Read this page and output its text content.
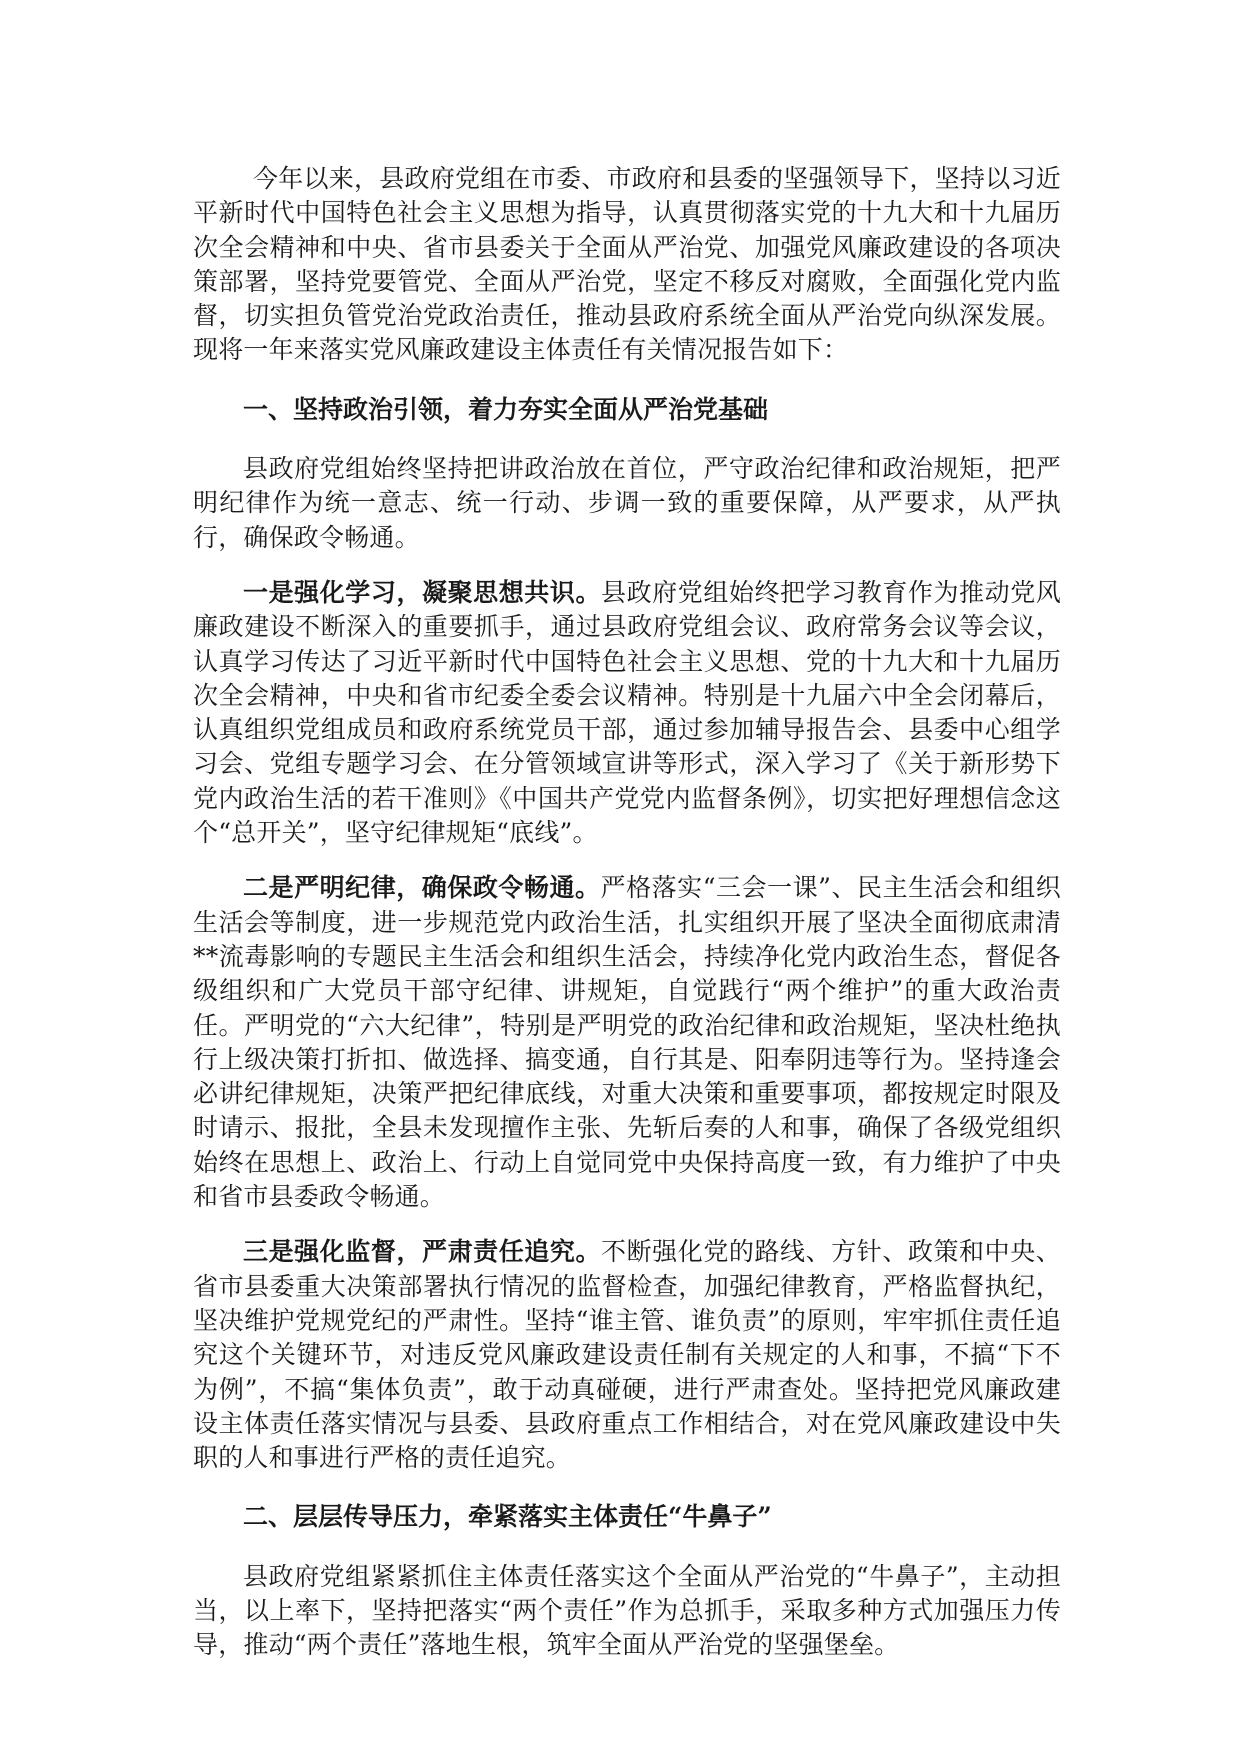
今年以来，县政府党组在市委、市政府和县委的坚强领导下，坚持以习近平新时代中国特色社会主义思想为指导，认真贯彻落实党的十九大和十九届历次全会精神和中央、省市县委关于全面从严治党、加强党风廉政建设的各项决策部署，坚持党要管党、全面从严治党，坚定不移反对腐败，全面强化党内监督，切实担负管党治党政治责任，推动县政府系统全面从严治党向纵深发展。现将一年来落实党风廉政建设主体责任有关情况报告如下：

一、坚持政治引领，着力夯实全面从严治党基础

县政府党组始终坚持把讲政治放在首位，严守政治纪律和政治规矩，把严明纪律作为统一意志、统一行动、步调一致的重要保障，从严要求，从严执行，确保政令畅通。

一是强化学习，凝聚思想共识。县政府党组始终把学习教育作为推动党风廉政建设不断深入的重要抓手，通过县政府党组会议、政府常务会议等会议，认真学习传达了习近平新时代中国特色社会主义思想、党的十九大和十九届历次全会精神，中央和省市纪委全委会议精神。特别是十九届六中全会闭幕后，认真组织党组成员和政府系统党员干部，通过参加辅导报告会、县委中心组学习会、党组专题学习会、在分管领域宣讲等形式，深入学习了《关于新形势下党内政治生活的若干准则》《中国共产党党内监督条例》，切实把好理想信念这个“总开关”，坚守纪律规矩“底线”。

二是严明纪律，确保政令畅通。严格落实“三会一课”、民主生活会和组织生活会等制度，进一步规范党内政治生活，扎实组织开展了坚决全面彻底肃清**流毒影响的专题民主生活会和组织生活会，持续净化党内政治生态，督促各级组织和广大党员干部守纪律、讲规矩，自觉践行“两个维护”的重大政治责任。严明党的“六大纪律”，特别是严明党的政治纪律和政治规矩，坚决杜绝执行上级决策打折扣、做选择、搞变通，自行其是、阳奉阴违等行为。坚持逢会必讲纪律规矩，决策严把纪律底线，对重大决策和重要事项，都按规定时限及时请示、报批，全县未发现擅作主张、先斩后奏的人和事，确保了各级党组织始终在思想上、政治上、行动上自觉同党中央保持高度一致，有力维护了中央和省市县委政令畅通。

三是强化监督，严肃责任追究。不断强化党的路线、方针、政策和中央、省市县委重大决策部署执行情况的监督检查，加强纪律教育，严格监督执纪，坚决维护党规党纪的严肃性。坚持“谁主管、谁负责”的原则，牢牢抓住责任追究这个关键环节，对违反党风廉政建设责任制有关规定的人和事，不搞“下不为例”，不搞“集体负责”，敢于动真碰硬，进行严肃查处。坚持把党风廉政建设主体责任落实情况与县委、县政府重点工作相结合，对在党风廉政建设中失职的人和事进行严格的责任追究。

二、层层传导压力，牵紧落实主体责任“牛鼻子”

县政府党组紧紧抓住主体责任落实这个全面从严治党的“牛鼻子”，主动担当，以上率下，坚持把落实“两个责任”作为总抓手，采取多种方式加强压力传导，推动“两个责任”落地生根，筑牢全面从严治党的坚强堡垒。
